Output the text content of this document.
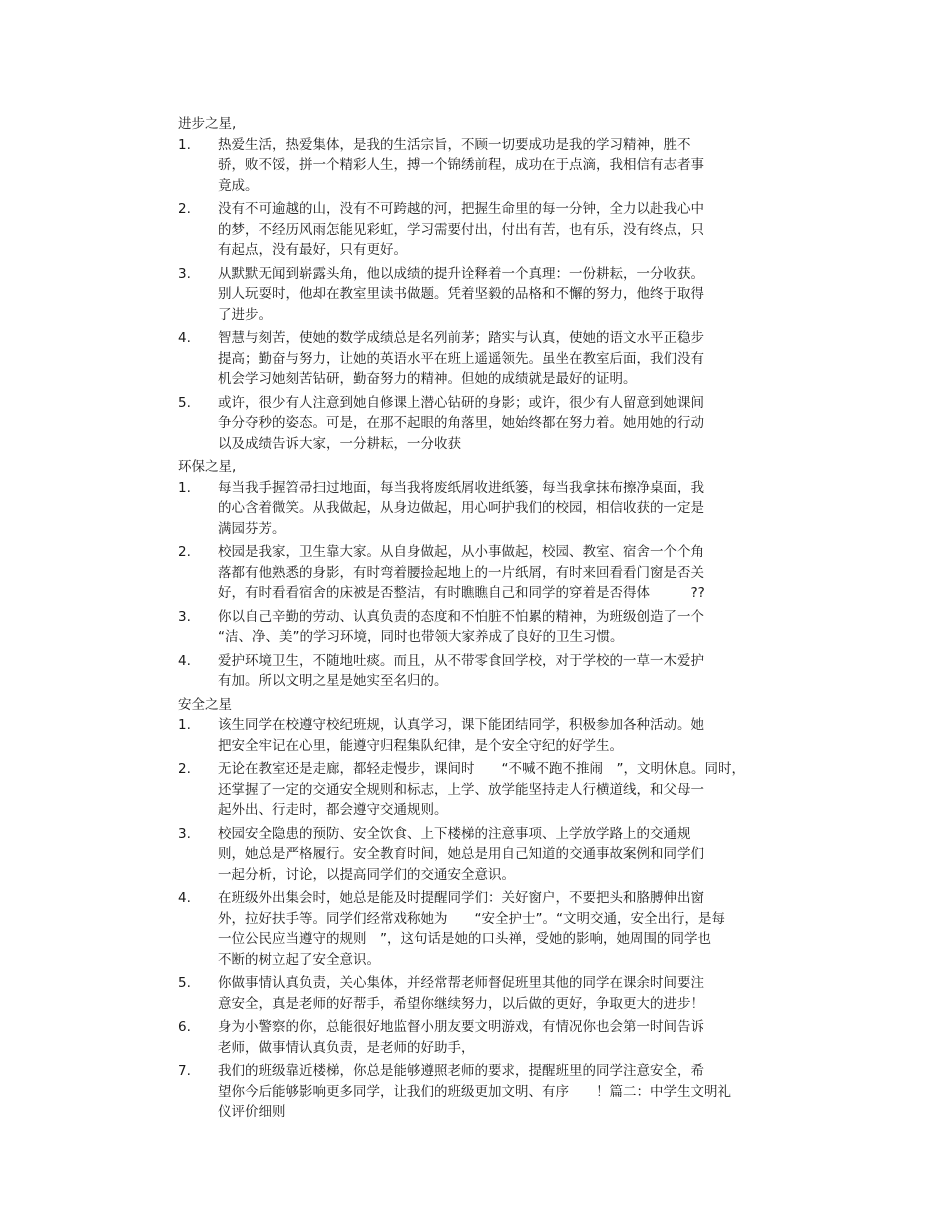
进步之星,
1.	热爱生活，热爱集体，是我的生活宗旨，不顾一切要成功是我的学习精神，胜不
骄，败不馁，拼一个精彩人生，搏一个锦绣前程，成功在于点滴，我相信有志者事
竟成。
2.	没有不可逾越的山，没有不可跨越的河，把握生命里的每一分钟，全力以赴我心中
的梦，不经历风雨怎能见彩虹，学习需要付出，付出有苦，也有乐，没有终点，只
有起点，没有最好，只有更好。
3.	从默默无闻到崭露头角，他以成绩的提升诠释着一个真理：一份耕耘，一分收获。
别人玩耍时，他却在教室里读书做题。凭着坚毅的品格和不懈的努力，他终于取得
了进步。
4.	智慧与刻苦，使她的数学成绩总是名列前茅；踏实与认真，使她的语文水平正稳步
提高；勤奋与努力，让她的英语水平在班上遥遥领先。虽坐在教室后面，我们没有
机会学习她刻苦钻研，勤奋努力的精神。但她的成绩就是最好的证明。
5.	或许，很少有人注意到她自修课上潜心钻研的身影；或许，很少有人留意到她课间
争分夺秒的姿态。可是，在那不起眼的角落里，她始终都在努力着。她用她的行动
以及成绩告诉大家，一分耕耘，一分收获
环保之星,
1.	每当我手握笤帚扫过地面，每当我将废纸屑收进纸篓，每当我拿抹布擦净桌面，我
的心含着微笑。从我做起，从身边做起，用心呵护我们的校园，相信收获的一定是
满园芬芳。
2.	校园是我家，卫生靠大家。从自身做起，从小事做起，校园、教室、宿舍一个个角
落都有他熟悉的身影，有时弯着腰捡起地上的一片纸屑，有时来回看看门窗是否关
好，有时看看宿舍的床被是否整洁，有时瞧瞧自己和同学的穿着是否得体　　　??
3.	你以自己辛勤的劳动、认真负责的态度和不怕脏不怕累的精神，为班级创造了一个
“洁、净、美”的学习环境，同时也带领大家养成了良好的卫生习惯。
4.	爱护环境卫生，不随地吐痰。而且，从不带零食回学校，对于学校的一草一木爱护
有加。所以文明之星是她实至名归的。
安全之星
1.	该生同学在校遵守校纪班规，认真学习，课下能团结同学，积极参加各种活动。她
把安全牢记在心里，能遵守归程集队纪律，是个安全守纪的好学生。
2.	无论在教室还是走廊，都轻走慢步，课间时　　“不喊不跑不推闹　”，文明休息。同时，
还掌握了一定的交通安全规则和标志，上学、放学能坚持走人行横道线，和父母一
起外出、行走时，都会遵守交通规则。
3.	校园安全隐患的预防、安全饮食、上下楼梯的注意事项、上学放学路上的交通规
则，她总是严格履行。安全教育时间，她总是用自己知道的交通事故案例和同学们
一起分析，讨论，以提高同学们的交通安全意识。
4.	在班级外出集会时，她总是能及时提醒同学们：关好窗户，不要把头和胳膊伸出窗
外，拉好扶手等。同学们经常戏称她为　　“安全护士”。“文明交通，安全出行，是每
一位公民应当遵守的规则　”，这句话是她的口头禅，受她的影响，她周围的同学也
不断的树立起了安全意识。
5.	你做事情认真负责，关心集体，并经常帮老师督促班里其他的同学在课余时间要注
意安全，真是老师的好帮手，希望你继续努力，以后做的更好，争取更大的进步！
6.	身为小警察的你，总能很好地监督小朋友要文明游戏，有情况你也会第一时间告诉
老师，做事情认真负责，是老师的好助手，
7.	我们的班级靠近楼梯，你总是能够遵照老师的要求，提醒班里的同学注意安全，希
望你今后能够影响更多同学，让我们的班级更加文明、有序　　！篇二：中学生文明礼
仪评价细则
